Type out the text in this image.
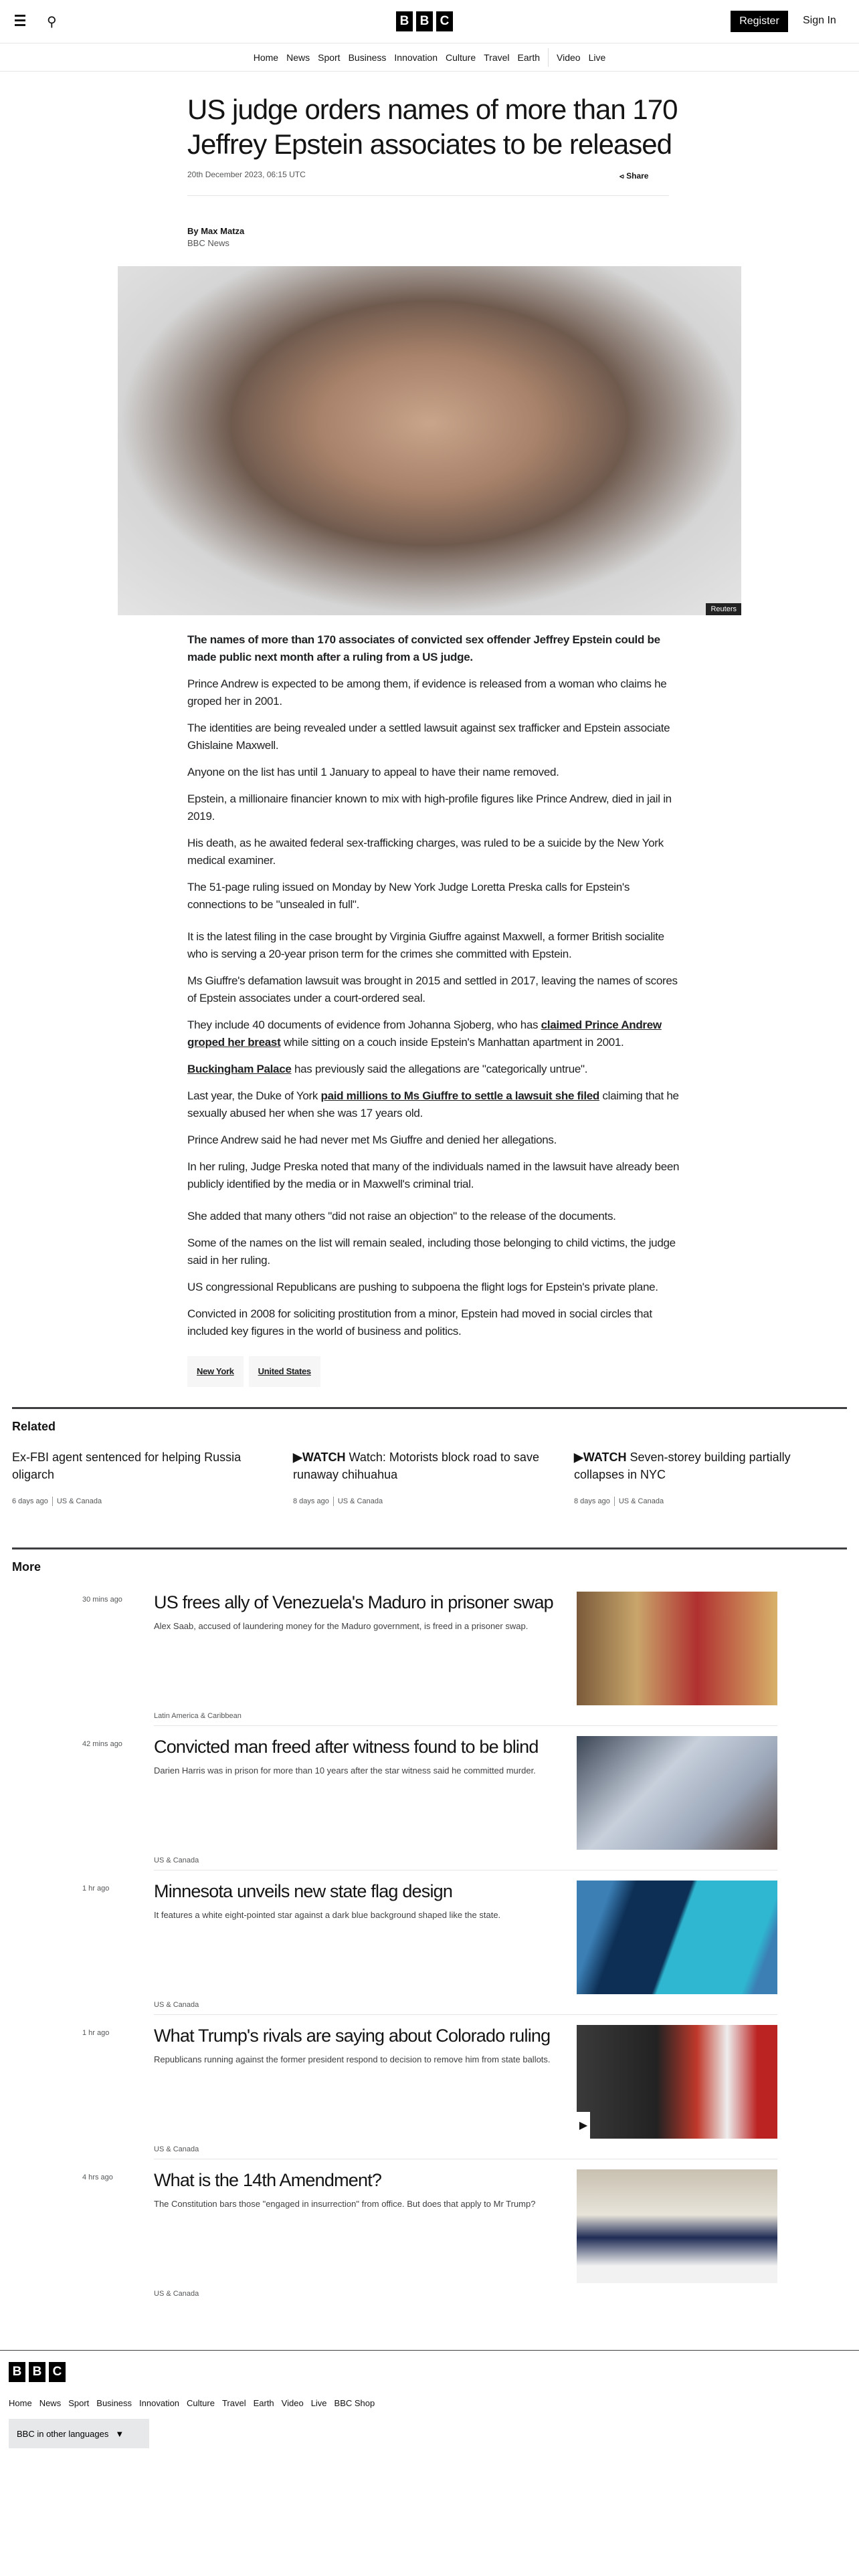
⚲	B B C	Register	Sign In
Home News Sport Business Innovation Culture Travel Earth Video Live
US judge orders names of more than 170 Jeffrey Epstein associates to be released
20th December 2023, 06:15 UTC	⪦ Share
By Max Matza
BBC News
Reuters

The names of more than 170 associates of convicted sex offender Jeffrey Epstein could be made public next month after a ruling from a US judge.

Prince Andrew is expected to be among them, if evidence is released from a woman who claims he groped her in 2001.

The identities are being revealed under a settled lawsuit against sex trafficker and Epstein associate Ghislaine Maxwell.

Anyone on the list has until 1 January to appeal to have their name removed.

Epstein, a millionaire financier known to mix with high-profile figures like Prince Andrew, died in jail in 2019.

His death, as he awaited federal sex-trafficking charges, was ruled to be a suicide by the New York medical examiner.

The 51-page ruling issued on Monday by New York Judge Loretta Preska calls for Epstein's connections to be "unsealed in full".

It is the latest filing in the case brought by Virginia Giuffre against Maxwell, a former British socialite who is serving a 20-year prison term for the crimes she committed with Epstein.

Ms Giuffre's defamation lawsuit was brought in 2015 and settled in 2017, leaving the names of scores of Epstein associates under a court-ordered seal.

They include 40 documents of evidence from Johanna Sjoberg, who has claimed Prince Andrew groped her breast while sitting on a couch inside Epstein's Manhattan apartment in 2001.

Buckingham Palace has previously said the allegations are "categorically untrue".

Last year, the Duke of York paid millions to Ms Giuffre to settle a lawsuit she filed claiming that he sexually abused her when she was 17 years old.

Prince Andrew said he had never met Ms Giuffre and denied her allegations.

In her ruling, Judge Preska noted that many of the individuals named in the lawsuit have already been publicly identified by the media or in Maxwell's criminal trial.

She added that many others "did not raise an objection" to the release of the documents.

Some of the names on the list will remain sealed, including those belonging to child victims, the judge said in her ruling.

US congressional Republicans are pushing to subpoena the flight logs for Epstein's private plane.

Convicted in 2008 for soliciting prostitution from a minor, Epstein had moved in social circles that included key figures in the world of business and politics.

New York	United States
Related
Ex-FBI agent sentenced for helping Russia oligarch
6 days ago US & Canada
▶WATCH Watch: Motorists block road to save runaway chihuahua
8 days ago US & Canada
▶WATCH Seven-storey building partially collapses in NYC
8 days ago US & Canada
More
30 mins ago US frees ally of Venezuela's Maduro in prisoner swap

Alex Saab, accused of laundering money for the Maduro government, is freed in a prisoner swap.

Latin America & Caribbean
42 mins ago Convicted man freed after witness found to be blind

Darien Harris was in prison for more than 10 years after the star witness said he committed murder.

US & Canada
1 hr ago Minnesota unveils new state flag design

It features a white eight-pointed star against a dark blue background shaped like the state.

US & Canada
1 hr ago What Trump's rivals are saying about Colorado ruling

Republicans running against the former president respond to decision to remove him from state ballots.

US & Canada
▶
4 hrs ago What is the 14th Amendment?

The Constitution bars those "engaged in insurrection" from office. But does that apply to Mr Trump?

US & Canada
B B C
Home News Sport Business Innovation Culture Travel Earth Video Live BBC Shop
BBC in other languages ▼
